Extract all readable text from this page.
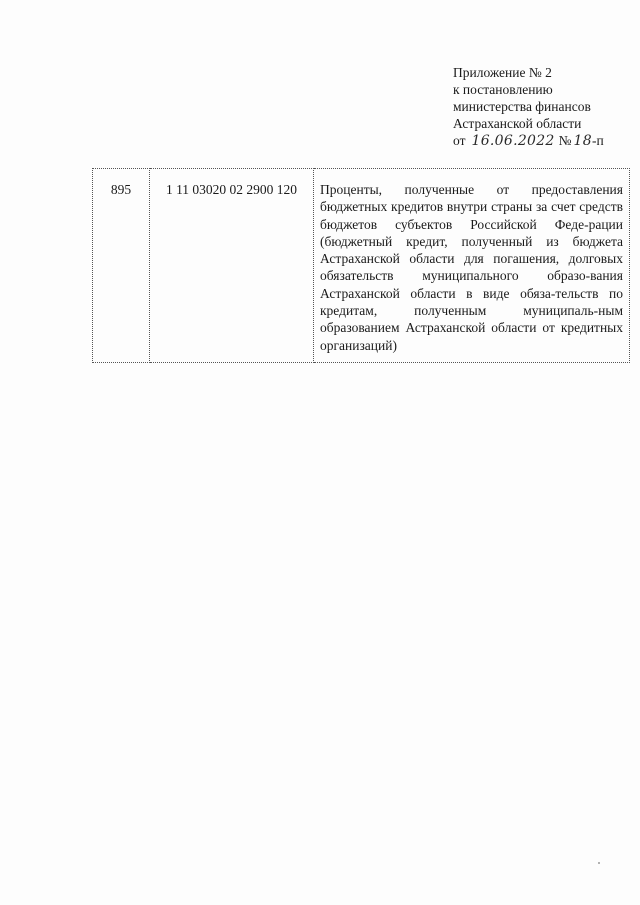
Приложение № 2
к постановлению
министерства финансов
Астраханской области
от 16.06.2022 № 18 -п
895	1 11 03020 02 2900 120	Проценты, полученные от предоставления бюджетных кредитов внутри страны за счет средств бюджетов субъектов Российской Феде-рации (бюджетный кредит, полученный из бюджета Астраханской области для погашения, долговых обязательств муниципального образо-вания Астраханской области в виде обяза-тельств по кредитам, полученным муниципаль-ным образованием Астраханской области от кредитных организаций)
